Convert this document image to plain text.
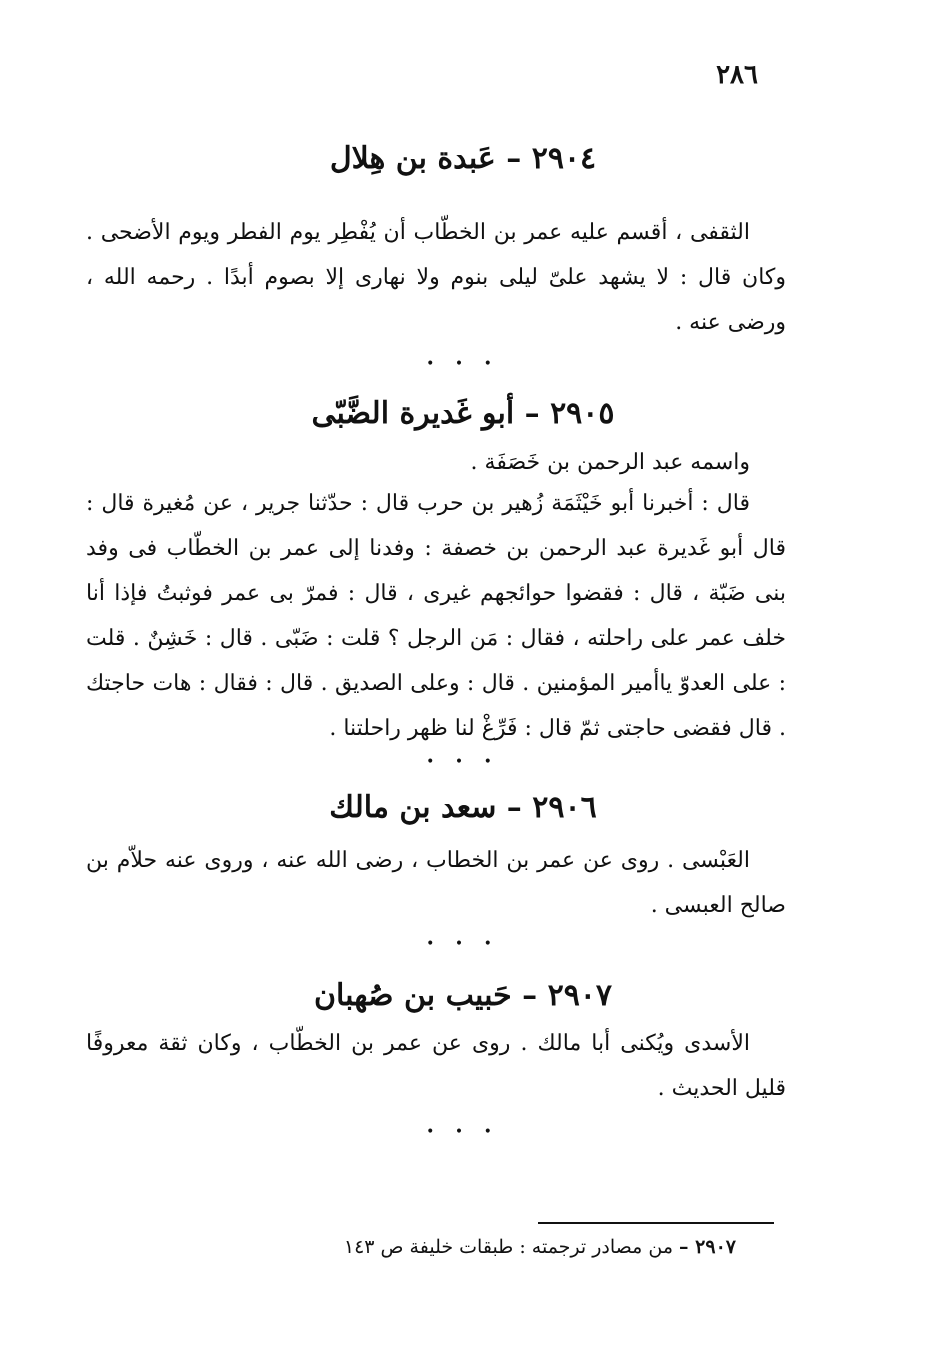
٢٨٦
٢٩٠٤ – عَبدة بن هِلال

الثقفى ، أقسم عليه عمر بن الخطّاب أن يُفْطِر يوم الفطر ويوم الأضحى . وكان قال : لا يشهد علىّ ليلى بنوم ولا نهارى إلا بصوم أبدًا . رحمه الله ، ورضى عنه .

• • •
٢٩٠٥ – أبو غَديرة الضَّبّى

واسمه عبد الرحمن بن خَصَفَة .

قال : أخبرنا أبو خَيْثَمَة زُهير بن حرب قال : حدّثنا جرير ، عن مُغيرة قال : قال أبو غَديرة عبد الرحمن بن خصفة : وفدنا إلى عمر بن الخطّاب فى وفد بنى ضَبّة ، قال : فقضوا حوائجهم غيرى ، قال : فمرّ بى عمر فوثبتُ فإذا أنا خلف عمر على راحلته ، فقال : مَن الرجل ؟ قلت : ضَبّى . قال : خَشِنٌ . قلت : على العدوّ ياأمير المؤمنين . قال : وعلى الصديق . قال : فقال : هات حاجتك . قال فقضى حاجتى ثمّ قال : فَرِّغْ لنا ظهر راحلتنا .

• • •
٢٩٠٦ – سعد بن مالك

العَبْسى . روى عن عمر بن الخطاب ، رضى الله عنه ، وروى عنه حلاّم بن صالح العبسى .

• • •
٢٩٠٧ – حَبيب بن صُهبان

الأسدى ويُكنى أبا مالك . روى عن عمر بن الخطّاب ، وكان ثقة معروفًا قليل الحديث .

• • •
٢٩٠٧ – من مصادر ترجمته : طبقات خليفة ص ١٤٣
